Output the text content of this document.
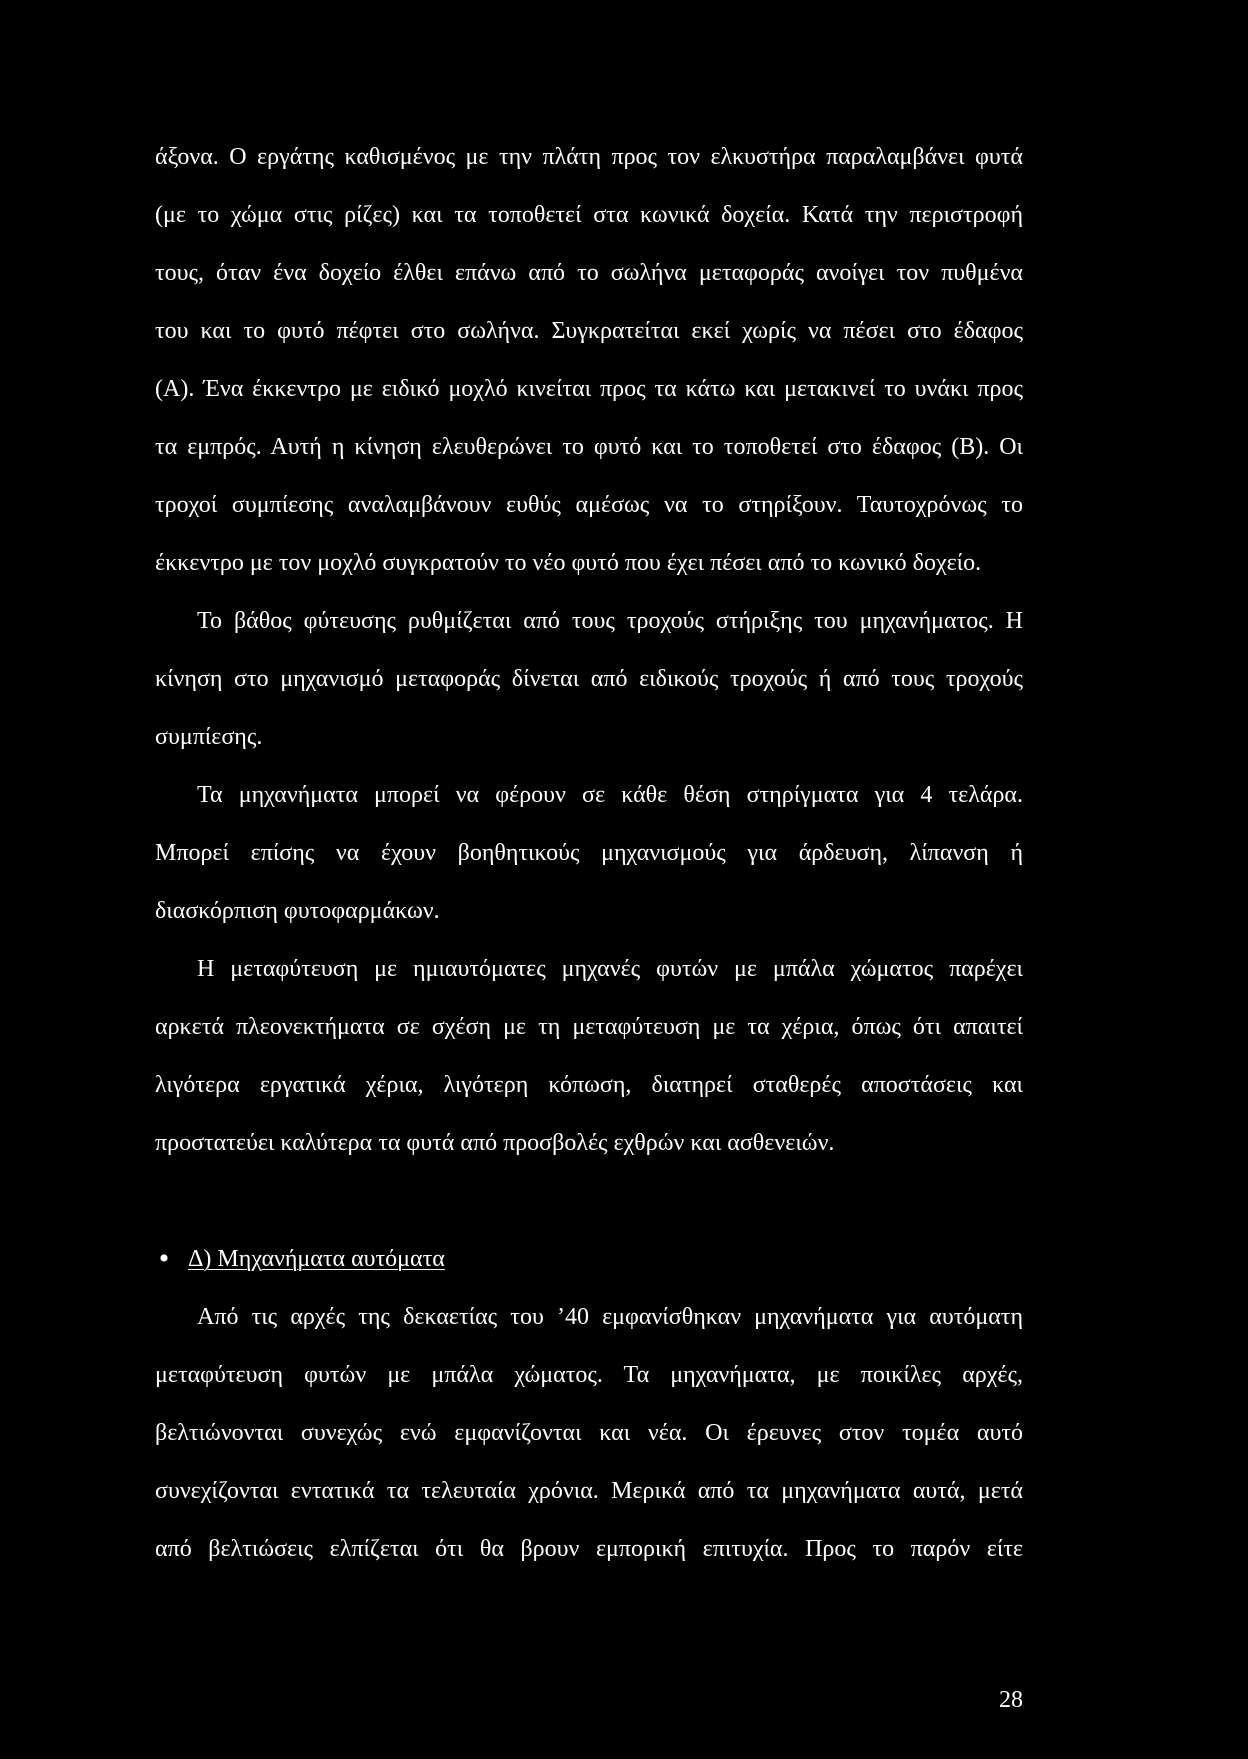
άξονα. Ο εργάτης καθισμένος με την πλάτη προς τον ελκυστήρα παραλαμβάνει φυτά
(με το χώμα στις ρίζες) και τα τοποθετεί στα κωνικά δοχεία. Κατά την περιστροφή
τους, όταν ένα δοχείο έλθει επάνω από το σωλήνα μεταφοράς ανοίγει τον πυθμένα
του και το φυτό πέφτει στο σωλήνα. Συγκρατείται εκεί χωρίς να πέσει στο έδαφος
(Α). Ένα έκκεντρο με ειδικό μοχλό κινείται προς τα κάτω και μετακινεί το υνάκι προς
τα εμπρός. Αυτή η κίνηση ελευθερώνει το φυτό και το τοποθετεί στο έδαφος (Β). Οι
τροχοί συμπίεσης αναλαμβάνουν ευθύς αμέσως να το στηρίξουν. Ταυτοχρόνως το
έκκεντρο με τον μοχλό συγκρατούν το νέο φυτό που έχει πέσει από το κωνικό δοχείο.
Το βάθος φύτευσης ρυθμίζεται από τους τροχούς στήριξης του μηχανήματος. Η
κίνηση στο μηχανισμό μεταφοράς δίνεται από ειδικούς τροχούς ή από τους τροχούς
συμπίεσης.
Τα μηχανήματα μπορεί να φέρουν σε κάθε θέση στηρίγματα για 4 τελάρα.
Μπορεί επίσης να έχουν βοηθητικούς μηχανισμούς για άρδευση, λίπανση ή
διασκόρπιση φυτοφαρμάκων.
Η μεταφύτευση με ημιαυτόματες μηχανές φυτών με μπάλα χώματος παρέχει
αρκετά πλεονεκτήματα σε σχέση με τη μεταφύτευση με τα χέρια, όπως ότι απαιτεί
λιγότερα εργατικά χέρια, λιγότερη κόπωση, διατηρεί σταθερές αποστάσεις και
προστατεύει καλύτερα τα φυτά από προσβολές εχθρών και ασθενειών.
• Δ) Μηχανήματα αυτόματα
Από τις αρχές της δεκαετίας του ’40 εμφανίσθηκαν μηχανήματα για αυτόματη
μεταφύτευση φυτών με μπάλα χώματος. Τα μηχανήματα, με ποικίλες αρχές,
βελτιώνονται συνεχώς ενώ εμφανίζονται και νέα. Οι έρευνες στον τομέα αυτό
συνεχίζονται εντατικά τα τελευταία χρόνια. Μερικά από τα μηχανήματα αυτά, μετά
από βελτιώσεις ελπίζεται ότι θα βρουν εμπορική επιτυχία. Προς το παρόν είτε
28
